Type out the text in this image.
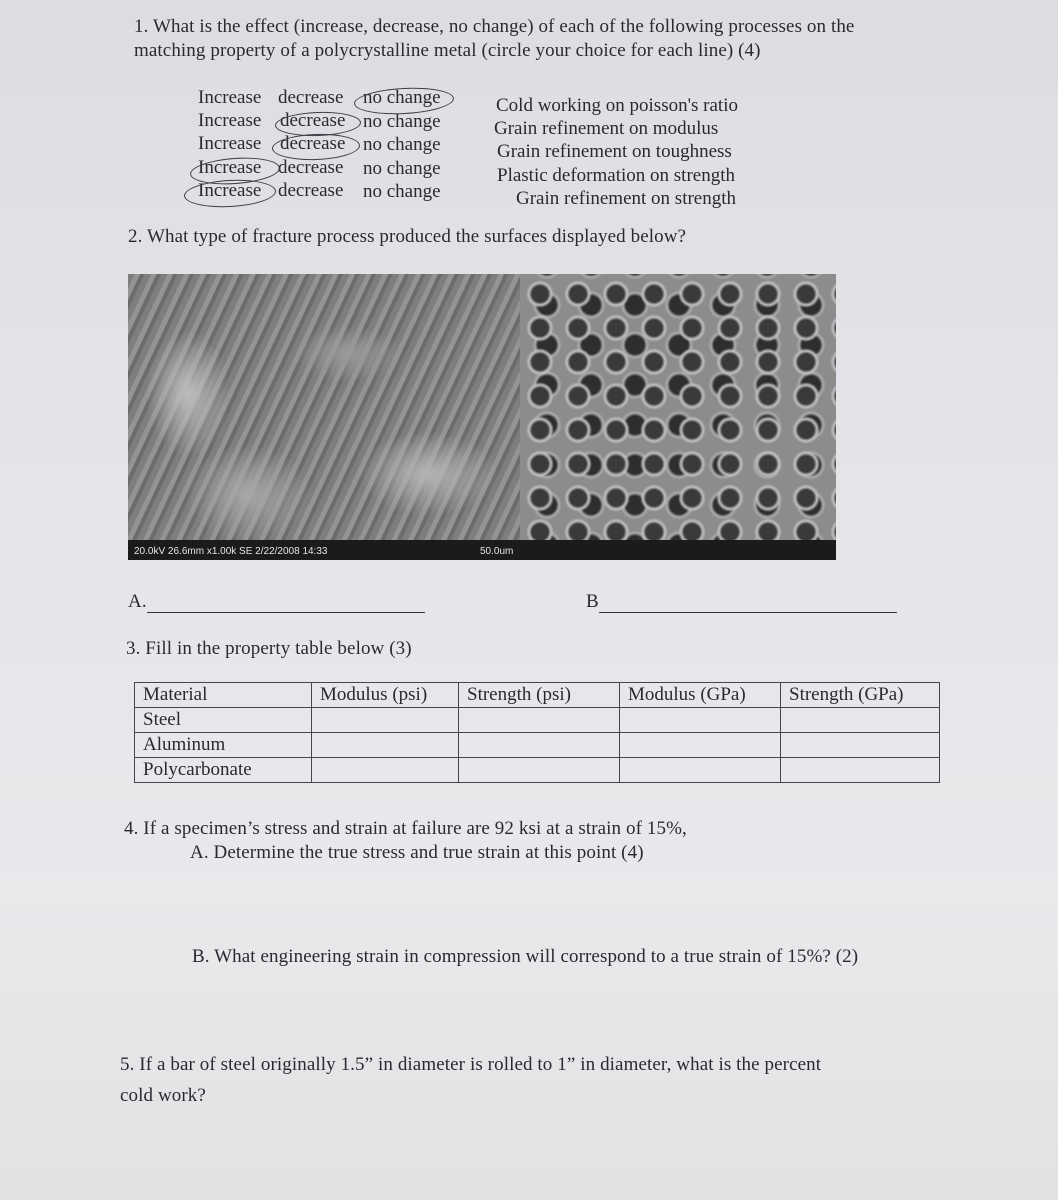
1. What is the effect (increase, decrease, no change) of each of the following processes on the
matching property of a polycrystalline metal (circle your choice for each line) (4)
Increase decrease no change	Cold working on poisson's ratio
Increase decrease no change	Grain refinement on modulus
Increase decrease no change	Grain refinement on toughness
Increase decrease no change	Plastic deformation on strength
Increase decrease no change	Grain refinement on strength
2. What type of fracture process produced the surfaces displayed below?
20.0kV 26.6mm x1.00k SE 2/22/2008 14:33	50.0um
A.	B
3. Fill in the property table below (3)
Material	Modulus (psi)	Strength (psi)	Modulus (GPa)	Strength (GPa)
Steel				
Aluminum				
Polycarbonate				
4. If a specimen’s stress and strain at failure are 92 ksi at a strain of 15%,
A. Determine the true stress and true strain at this point (4)
B. What engineering strain in compression will correspond to a true strain of 15%? (2)
5. If a bar of steel originally 1.5” in diameter is rolled to 1” in diameter, what is the percent
cold work?
